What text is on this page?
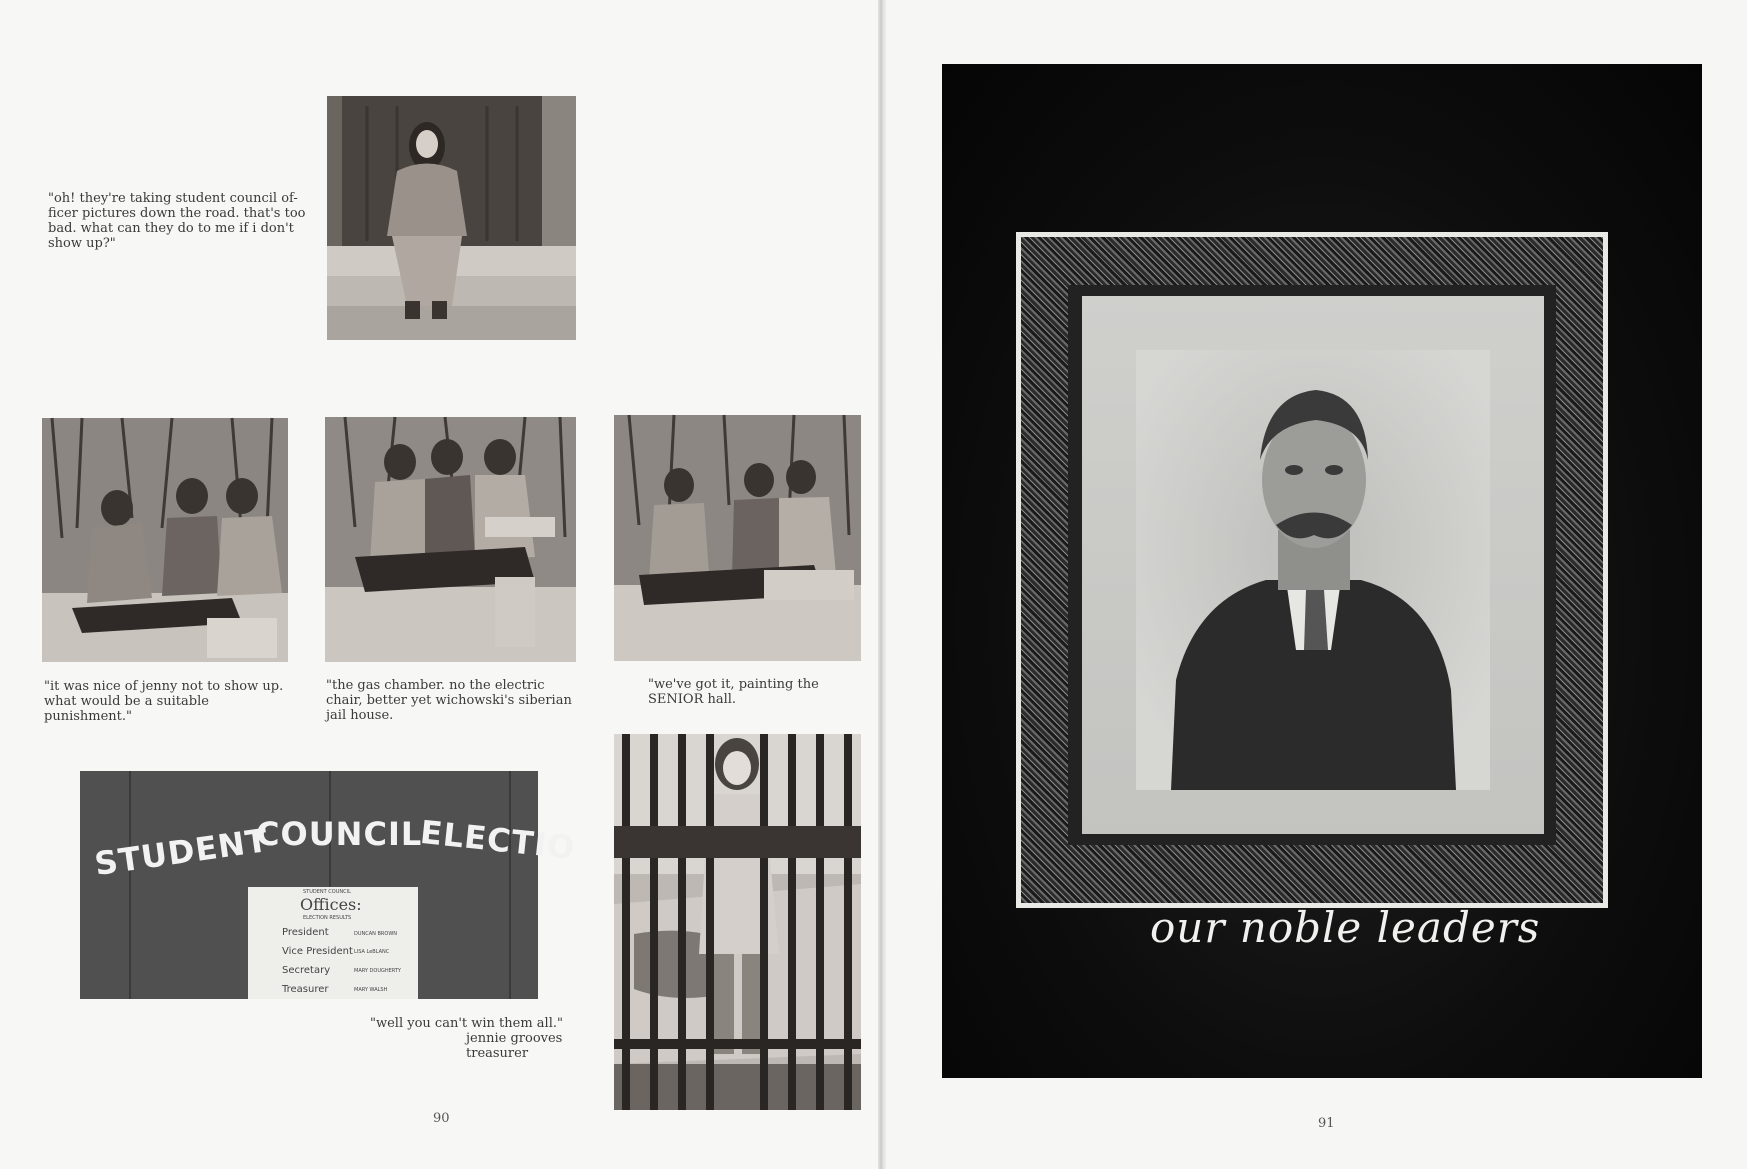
"oh! they're taking student council of-
ficer pictures down the road. that's too
bad. what can they do to me if i don't
show up?"
"it was nice of jenny not to show up.
what would be a suitable
punishment."
"the gas chamber. no the electric
chair, better yet wichowski's siberian
jail house.
"we've got it, painting the
SENIOR hall.
STUDENT
COUNCIL
ELECTIO
STUDENT COUNCIL
Offices:
ELECTION RESULTS
President	DUNCAN BROWN
Vice President LISA LeBLANC
Secretary	MARY DOUGHERTY
Treasurer	MARY WALSH
"well you can't win them all."
jennie grooves
treasurer
90
our noble leaders
91
